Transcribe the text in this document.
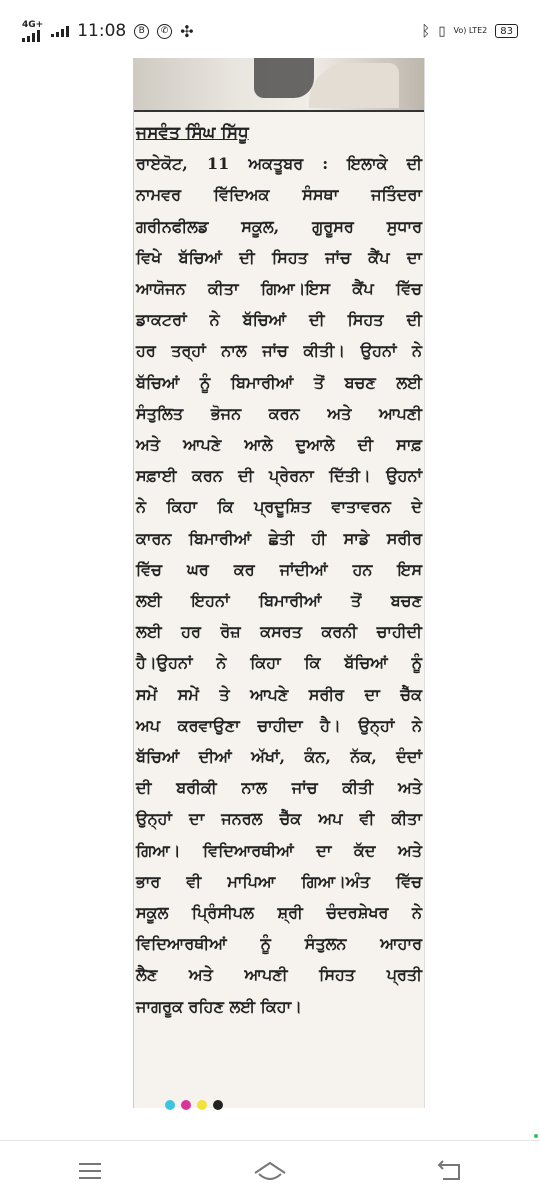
4G+ 11:08	B	✆ ✣	ᛒ ▯ Vo) LTE2	83
ਜਸਵੰਤ ਸਿੰਘ ਸਿੱਧੂ
ਰਾਏਕੋਟ, 11 ਅਕਤੂਬਰ : ਇਲਾਕੇ ਦੀ
ਨਾਮਵਰ ਵਿੱਦਿਅਕ ਸੰਸਥਾ ਜਤਿੰਦਰਾ
ਗਰੀਨਫੀਲਡ ਸਕੂਲ, ਗੁਰੂਸਰ ਸੁਧਾਰ
ਵਿਖੇ ਬੱਚਿਆਂ ਦੀ ਸਿਹਤ ਜਾਂਚ ਕੈਂਪ ਦਾ
ਆਯੋਜਨ ਕੀਤਾ ਗਿਆ।ਇਸ ਕੈਂਪ ਵਿੱਚ
ਡਾਕਟਰਾਂ ਨੇ ਬੱਚਿਆਂ ਦੀ ਸਿਹਤ ਦੀ
ਹਰ ਤਰ੍ਹਾਂ ਨਾਲ ਜਾਂਚ ਕੀਤੀ। ਉਹਨਾਂ ਨੇ
ਬੱਚਿਆਂ ਨੂੰ ਬਿਮਾਰੀਆਂ ਤੋਂ ਬਚਣ ਲਈ
ਸੰਤੁਲਿਤ ਭੋਜਨ ਕਰਨ ਅਤੇ ਆਪਣੀ
ਅਤੇ ਆਪਣੇ ਆਲੇ ਦੁਆਲੇ ਦੀ ਸਾਫ਼
ਸਫ਼ਾਈ ਕਰਨ ਦੀ ਪ੍ਰੇਰਨਾ ਦਿੱਤੀ। ਉਹਨਾਂ
ਨੇ ਕਿਹਾ ਕਿ ਪ੍ਰਦੂਸ਼ਿਤ ਵਾਤਾਵਰਨ ਦੇ
ਕਾਰਨ ਬਿਮਾਰੀਆਂ ਛੇਤੀ ਹੀ ਸਾਡੇ ਸਰੀਰ
ਵਿੱਚ ਘਰ ਕਰ ਜਾਂਦੀਆਂ ਹਨ ਇਸ
ਲਈ ਇਹਨਾਂ ਬਿਮਾਰੀਆਂ ਤੋਂ ਬਚਣ
ਲਈ ਹਰ ਰੋਜ਼ ਕਸਰਤ ਕਰਨੀ ਚਾਹੀਦੀ
ਹੈ।ਉਹਨਾਂ ਨੇ ਕਿਹਾ ਕਿ ਬੱਚਿਆਂ ਨੂੰ
ਸਮੇਂ ਸਮੇਂ ਤੇ ਆਪਣੇ ਸਰੀਰ ਦਾ ਚੈੱਕ
ਅਪ ਕਰਵਾਉਣਾ ਚਾਹੀਦਾ ਹੈ। ਉਨ੍ਹਾਂ ਨੇ
ਬੱਚਿਆਂ ਦੀਆਂ ਅੱਖਾਂ, ਕੰਨ, ਨੱਕ, ਦੰਦਾਂ
ਦੀ ਬਰੀਕੀ ਨਾਲ ਜਾਂਚ ਕੀਤੀ ਅਤੇ
ਉਨ੍ਹਾਂ ਦਾ ਜਨਰਲ ਚੈੱਕ ਅਪ ਵੀ ਕੀਤਾ
ਗਿਆ। ਵਿਦਿਆਰਥੀਆਂ ਦਾ ਕੱਦ ਅਤੇ
ਭਾਰ ਵੀ ਮਾਪਿਆ ਗਿਆ।ਅੰਤ ਵਿੱਚ
ਸਕੂਲ ਪ੍ਰਿੰਸੀਪਲ ਸ਼੍ਰੀ ਚੰਦਰਸ਼ੇਖਰ ਨੇ
ਵਿਦਿਆਰਥੀਆਂ ਨੂੰ ਸੰਤੁਲਨ ਆਹਾਰ
ਲੈਣ ਅਤੇ ਆਪਣੀ ਸਿਹਤ ਪ੍ਰਤੀ
ਜਾਗਰੂਕ ਰਹਿਣ ਲਈ ਕਿਹਾ।
